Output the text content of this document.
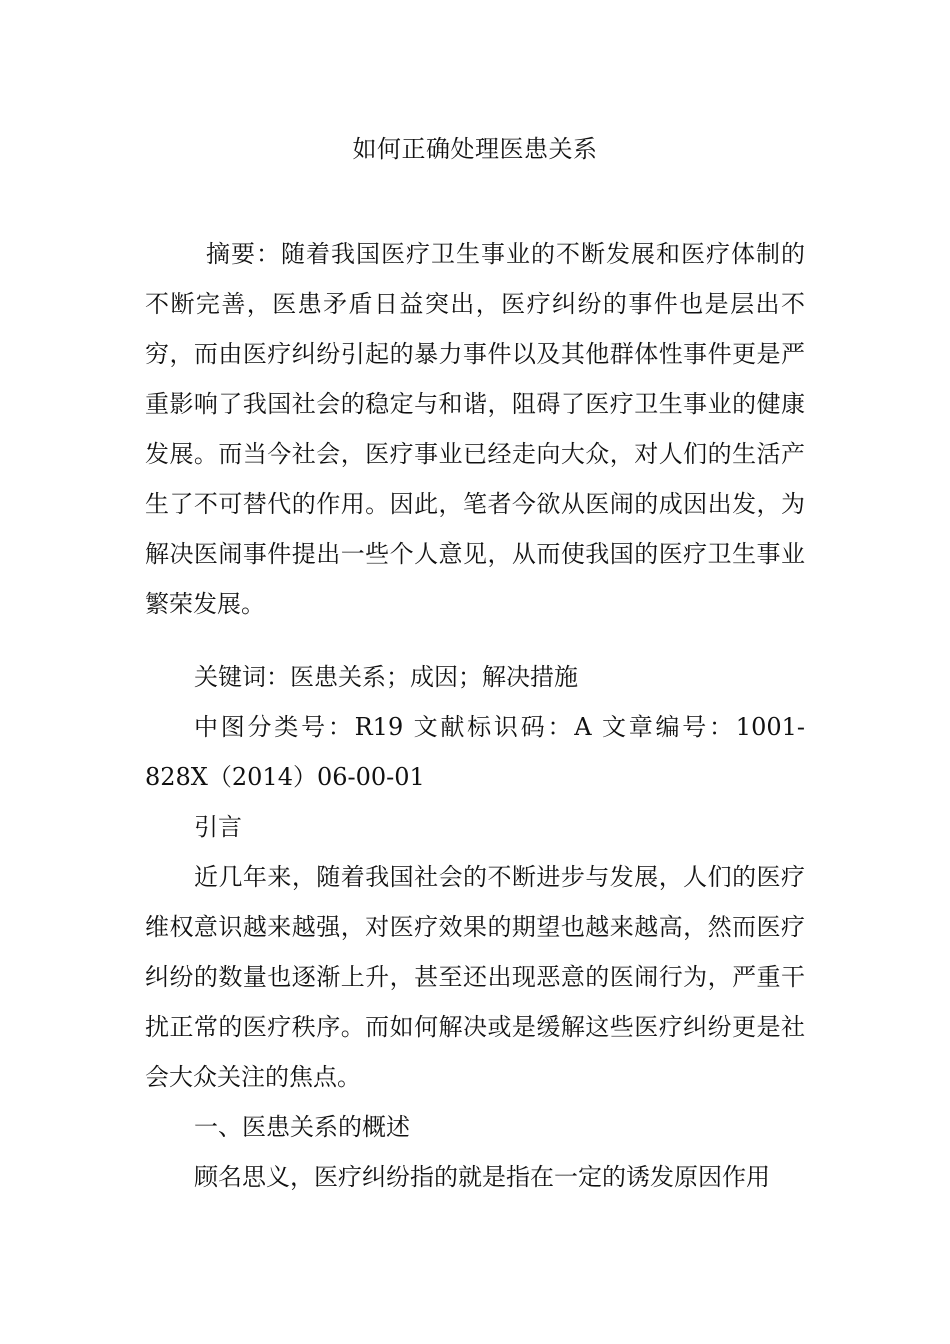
如何正确处理医患关系

摘要：随着我国医疗卫生事业的不断发展和医疗体制的不断完善，医患矛盾日益突出，医疗纠纷的事件也是层出不穷，而由医疗纠纷引起的暴力事件以及其他群体性事件更是严重影响了我国社会的稳定与和谐，阻碍了医疗卫生事业的健康发展。而当今社会，医疗事业已经走向大众，对人们的生活产生了不可替代的作用。因此，笔者今欲从医闹的成因出发，为解决医闹事件提出一些个人意见，从而使我国的医疗卫生事业繁荣发展。

关键词：医患关系；成因；解决措施

中图分类号：R19 文献标识码：A 文章编号：1001-828X（2014）06-00-01

引言

近几年来，随着我国社会的不断进步与发展，人们的医疗维权意识越来越强，对医疗效果的期望也越来越高，然而医疗纠纷的数量也逐渐上升，甚至还出现恶意的医闹行为，严重干扰正常的医疗秩序。而如何解决或是缓解这些医疗纠纷更是社会大众关注的焦点。

一、医患关系的概述

顾名思义，医疗纠纷指的就是指在一定的诱发原因作用
